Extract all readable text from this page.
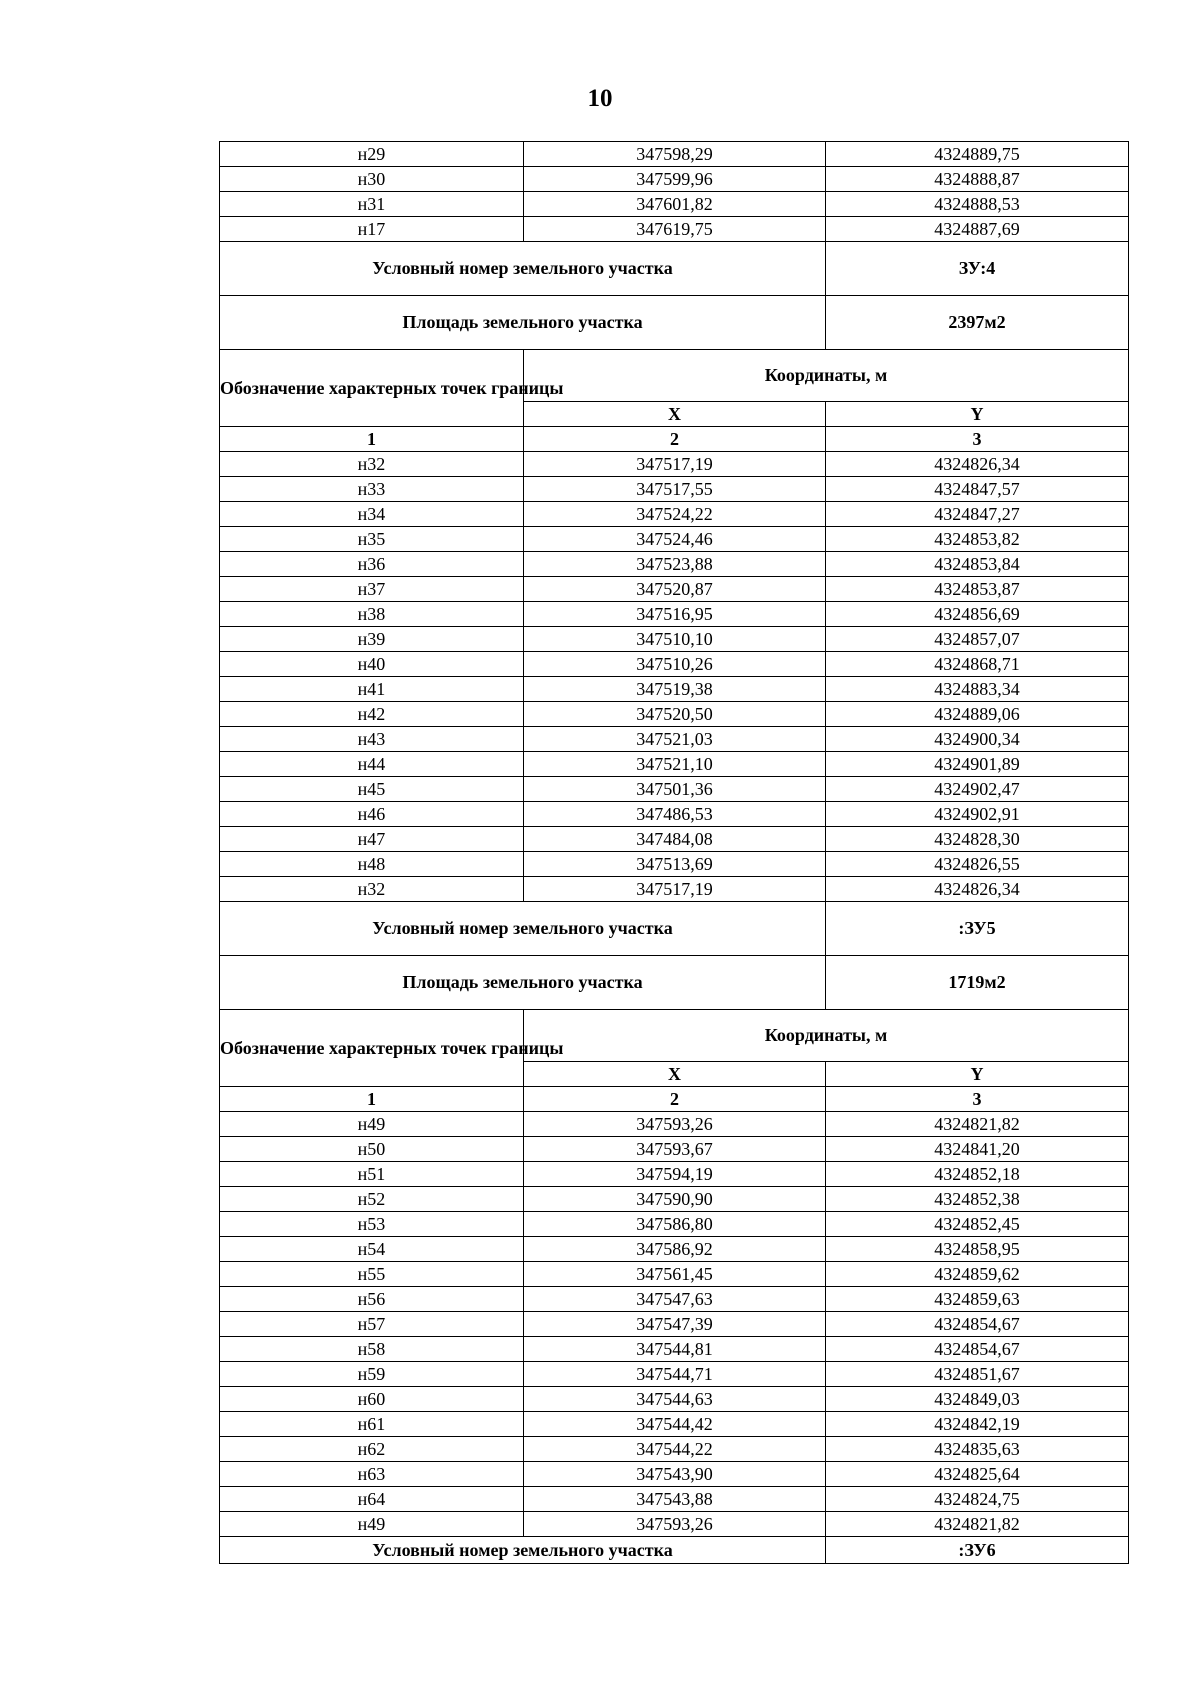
10
н29	347598,29	4324889,75
н30	347599,96	4324888,87
н31	347601,82	4324888,53
н17	347619,75	4324887,69
Условный номер земельного участка		ЗУ:4
Площадь земельного участка		2397м2
Обозначение характерных точек границы	Координаты, м	
	X	Y
1	2	3
н32	347517,19	4324826,34
н33	347517,55	4324847,57
н34	347524,22	4324847,27
н35	347524,46	4324853,82
н36	347523,88	4324853,84
н37	347520,87	4324853,87
н38	347516,95	4324856,69
н39	347510,10	4324857,07
н40	347510,26	4324868,71
н41	347519,38	4324883,34
н42	347520,50	4324889,06
н43	347521,03	4324900,34
н44	347521,10	4324901,89
н45	347501,36	4324902,47
н46	347486,53	4324902,91
н47	347484,08	4324828,30
н48	347513,69	4324826,55
н32	347517,19	4324826,34
Условный номер земельного участка		:ЗУ5
Площадь земельного участка		1719м2
Обозначение характерных точек границы	Координаты, м	
	X	Y
1	2	3
н49	347593,26	4324821,82
н50	347593,67	4324841,20
н51	347594,19	4324852,18
н52	347590,90	4324852,38
н53	347586,80	4324852,45
н54	347586,92	4324858,95
н55	347561,45	4324859,62
н56	347547,63	4324859,63
н57	347547,39	4324854,67
н58	347544,81	4324854,67
н59	347544,71	4324851,67
н60	347544,63	4324849,03
н61	347544,42	4324842,19
н62	347544,22	4324835,63
н63	347543,90	4324825,64
н64	347543,88	4324824,75
н49	347593,26	4324821,82
Условный номер земельного участка		:ЗУ6
